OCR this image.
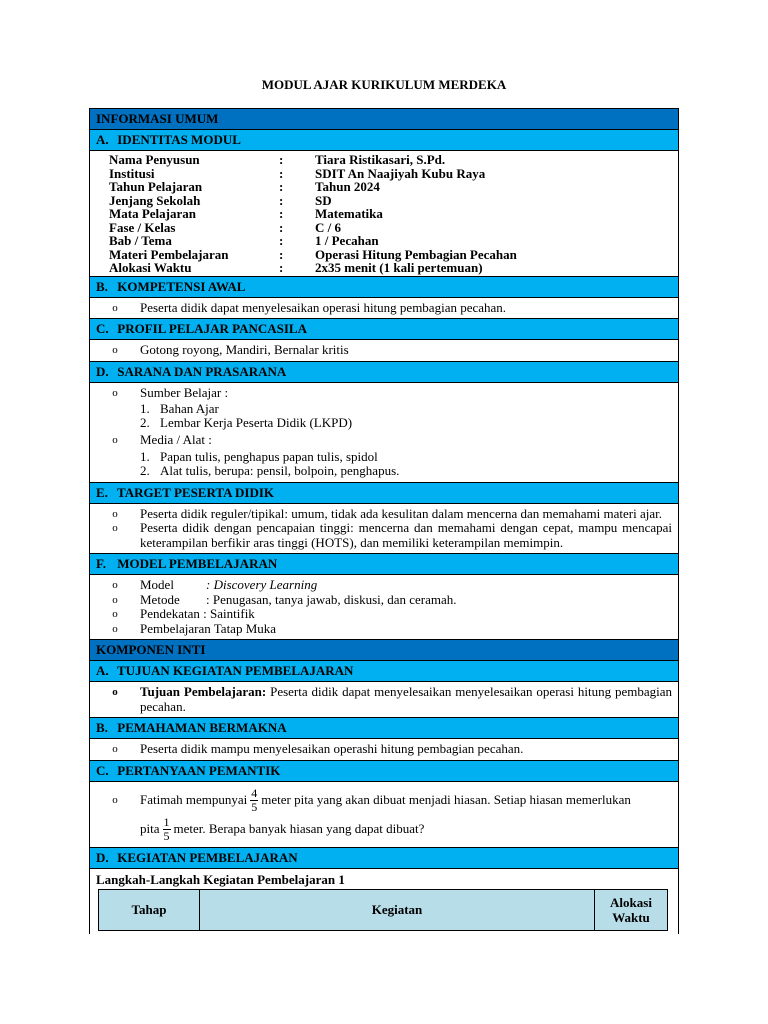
MODUL AJAR KURIKULUM MERDEKA
INFORMASI UMUM
A. IDENTITAS MODUL
Nama Penyusun	:	Tiara Ristikasari, S.Pd.
Institusi	:	SDIT An Naajiyah Kubu Raya
Tahun Pelajaran	:	Tahun 2024
Jenjang Sekolah	:	SD
Mata Pelajaran	:	Matematika
Fase / Kelas	:	C / 6
Bab / Tema	:	1 / Pecahan
Materi Pembelajaran	:	Operasi Hitung Pembagian Pecahan
Alokasi Waktu	:	2x35 menit (1 kali pertemuan)
B. KOMPETENSI AWAL
o	Peserta didik dapat menyelesaikan operasi hitung pembagian pecahan.
C. PROFIL PELAJAR PANCASILA
o	Gotong royong, Mandiri, Bernalar kritis
D. SARANA DAN PRASARANA
o	Sumber Belajar :
1. Bahan Ajar
2. Lembar Kerja Peserta Didik (LKPD)
o	Media / Alat :
1. Papan tulis, penghapus papan tulis, spidol
2. Alat tulis, berupa: pensil, bolpoin, penghapus.
E. TARGET PESERTA DIDIK
o	Peserta didik reguler/tipikal: umum, tidak ada kesulitan dalam mencerna dan memahami materi ajar.
o	Peserta didik dengan pencapaian tinggi: mencerna dan memahami dengan cepat, mampu mencapai keterampilan berfikir aras tinggi (HOTS), dan memiliki keterampilan memimpin.
F. MODEL PEMBELAJARAN
o	Model	: Discovery Learning
o	Metode	: Penugasan, tanya jawab, diskusi, dan ceramah.
o	Pendekatan : Saintifik
o	Pembelajaran Tatap Muka
KOMPONEN INTI
A. TUJUAN KEGIATAN PEMBELAJARAN
o	Tujuan Pembelajaran: Peserta didik dapat menyelesaikan menyelesaikan operasi hitung pembagian pecahan.
B. PEMAHAMAN BERMAKNA
o	Peserta didik mampu menyelesaikan operashi hitung pembagian pecahan.
C. PERTANYAAN PEMANTIK
o	Fatimah mempunyai $\frac{4}{5}$ meter pita yang akan dibuat menjadi hiasan. Setiap hiasan memerlukan
pita $\frac{1}{5}$ meter. Berapa banyak hiasan yang dapat dibuat?
D. KEGIATAN PEMBELAJARAN
Langkah-Langkah Kegiatan Pembelajaran 1
Tahap	Kegiatan	Alokasi
Waktu
